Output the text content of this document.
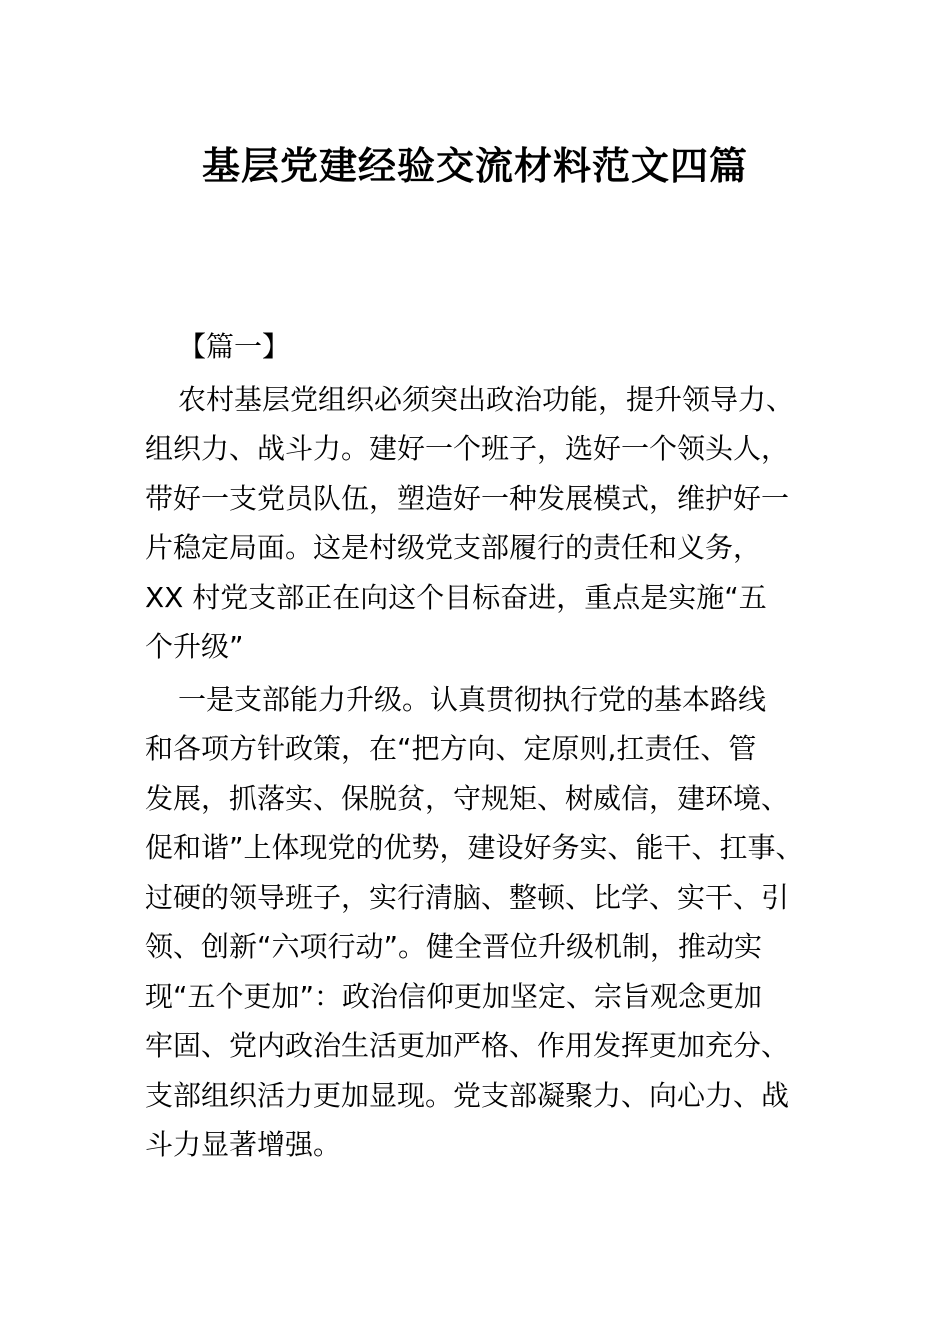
基层党建经验交流材料范文四篇
【篇一】
农村基层党组织必须突出政治功能，提升领导力、
组织力、战斗力。建好一个班子，选好一个领头人，
带好一支党员队伍，塑造好一种发展模式，维护好一
片稳定局面。这是村级党支部履行的责任和义务，
XX 村党支部正在向这个目标奋进，重点是实施“五
个升级”
一是支部能力升级。认真贯彻执行党的基本路线
和各项方针政策，在“把方向、定原则,扛责任、管
发展，抓落实、保脱贫，守规矩、树威信，建环境、
促和谐”上体现党的优势，建设好务实、能干、扛事、
过硬的领导班子，实行清脑、整顿、比学、实干、引
领、创新“六项行动”。健全晋位升级机制，推动实
现“五个更加”：政治信仰更加坚定、宗旨观念更加
牢固、党内政治生活更加严格、作用发挥更加充分、
支部组织活力更加显现。党支部凝聚力、向心力、战
斗力显著增强。
